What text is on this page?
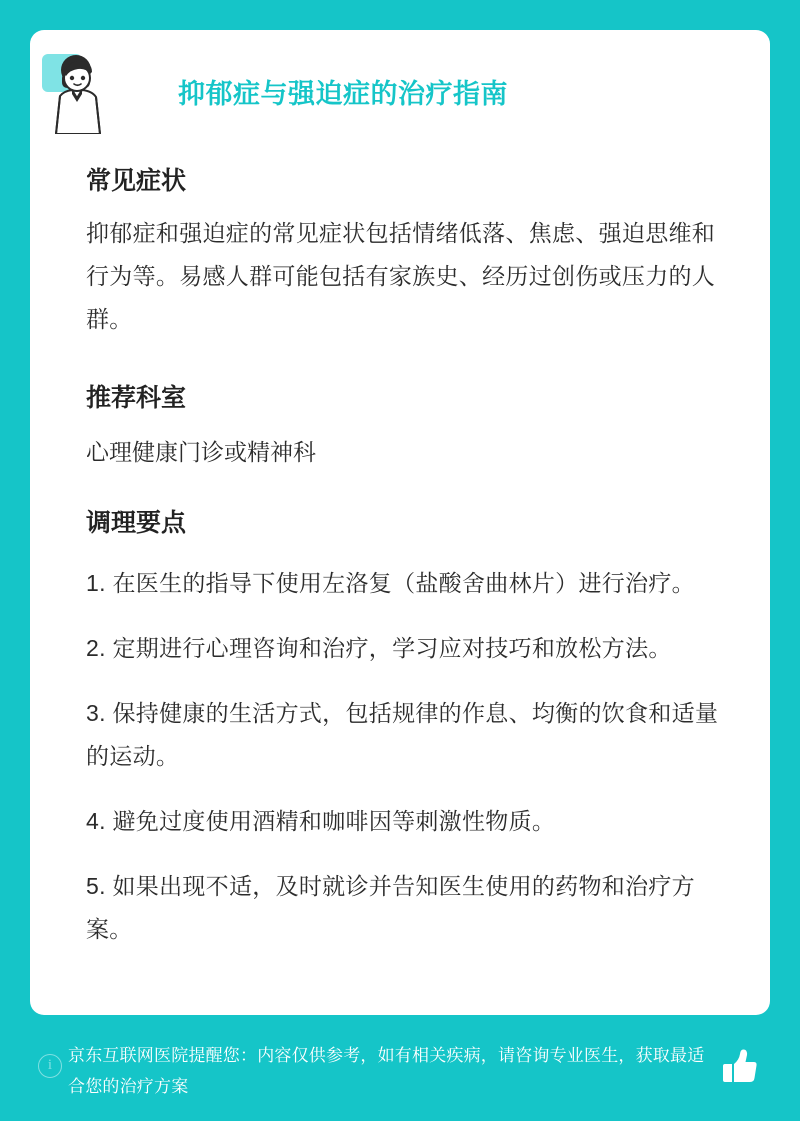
抑郁症与强迫症的治疗指南
常见症状

抑郁症和强迫症的常见症状包括情绪低落、焦虑、强迫思维和行为等。易感人群可能包括有家族史、经历过创伤或压力的人群。

推荐科室

心理健康门诊或精神科

调理要点
1. 在医生的指导下使用左洛复（盐酸舍曲林片）进行治疗。
2. 定期进行心理咨询和治疗，学习应对技巧和放松方法。
3. 保持健康的生活方式，包括规律的作息、均衡的饮食和适量的运动。
4. 避免过度使用酒精和咖啡因等刺激性物质。
5. 如果出现不适，及时就诊并告知医生使用的药物和治疗方案。
i 京东互联网医院提醒您：内容仅供参考，如有相关疾病，请咨询专业医生，获取最适合您的治疗方案
